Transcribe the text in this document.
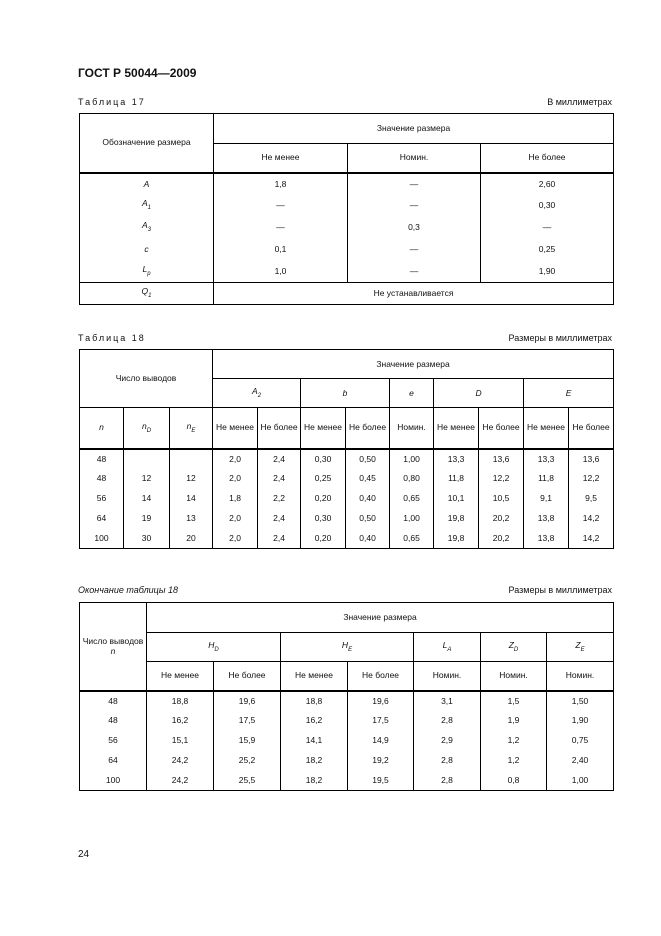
ГОСТ Р 50044—2009
Таблица 17	В миллиметрах
Обозначение размера	Значение размера		
	Не менее	Номин.	Не более
A	1,8	—	2,60
$A_1$	—	—	0,30
$A_3$	—	0,3	—
c	0,1	—	0,25
$L_p$	1,0	—	1,90
$Q_1$	Не устанавливается		
Таблица 18	Размеры в миллиметрах
Число выводов			Значение размера								
			$A_2$		b		e	D		E	
n	$n_D$	$n_E$	Не менее	Не более	Не менее	Не более	Номин.	Не менее	Не более	Не менее	Не более
48			2,0	2,4	0,30	0,50	1,00	13,3	13,6	13,3	13,6
48	12	12	2,0	2,4	0,25	0,45	0,80	11,8	12,2	11,8	12,2
56	14	14	1,8	2,2	0,20	0,40	0,65	10,1	10,5	9,1	9,5
64	19	13	2,0	2,4	0,30	0,50	1,00	19,8	20,2	13,8	14,2
100	30	20	2,0	2,4	0,20	0,40	0,65	19,8	20,2	13,8	14,2
Окончание таблицы 18	Размеры в миллиметрах
Число выводов
n	Значение размера						
	$H_D$		$H_E$		$L_A$	$Z_D$	$Z_E$
	Не менее	Не более	Не менее	Не более	Номин.	Номин.	Номин.
48	18,8	19,6	18,8	19,6	3,1	1,5	1,50
48	16,2	17,5	16,2	17,5	2,8	1,9	1,90
56	15,1	15,9	14,1	14,9	2,9	1,2	0,75
64	24,2	25,2	18,2	19,2	2,8	1,2	2,40
100	24,2	25,5	18,2	19,5	2,8	0,8	1,00
24
